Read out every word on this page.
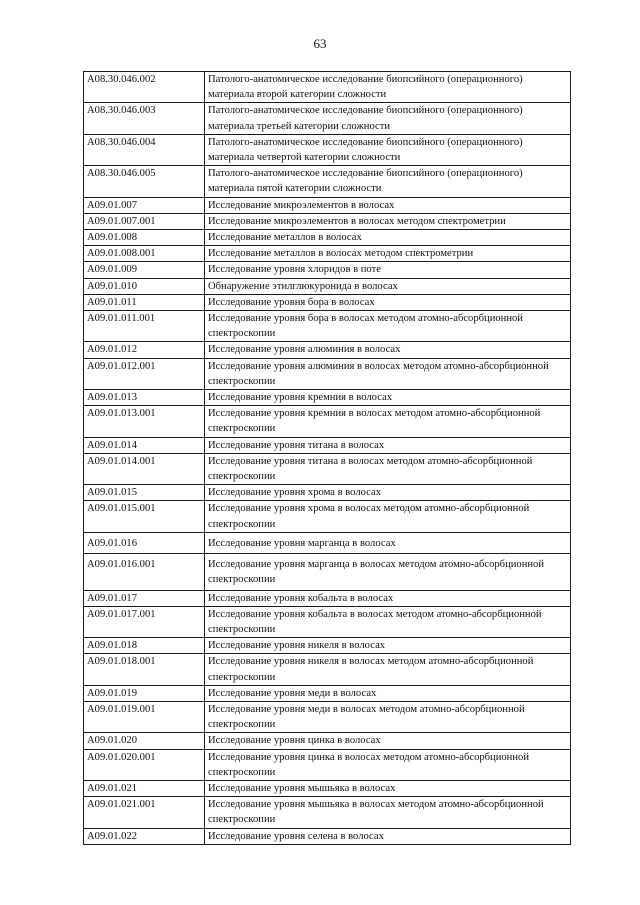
63
A08.30.046.002	Патолого-анатомическое исследование биопсийного (операционного) материала второй категории сложности
A08.30.046.003	Патолого-анатомическое исследование биопсийного (операционного) материала третьей категории сложности
A08.30.046.004	Патолого-анатомическое исследование биопсийного (операционного) материала четвертой категории сложности
A08.30.046.005	Патолого-анатомическое исследование биопсийного (операционного) материала пятой категории сложности
A09.01.007	Исследование микроэлементов в волосах
A09.01.007.001	Исследование микроэлементов в волосах методом спектрометрии
A09.01.008	Исследование металлов в волосах
A09.01.008.001	Исследование металлов в волосах методом спектрометрии
A09.01.009	Исследование уровня хлоридов в поте
A09.01.010	Обнаружение этилглюкуронида в волосах
A09.01.011	Исследование уровня бора в волосах
A09.01.011.001	Исследование уровня бора в волосах методом атомно-абсорбционной спектроскопии
A09.01.012	Исследование уровня алюминия в волосах
A09.01.012.001	Исследование уровня алюминия в волосах методом атомно-абсорбционной спектроскопии
A09.01.013	Исследование уровня кремния в волосах
A09.01.013.001	Исследование уровня кремния в волосах методом атомно-абсорбционной спектроскопии
A09.01.014	Исследование уровня титана в волосах
A09.01.014.001	Исследование уровня титана в волосах методом атомно-абсорбционной спектроскопии
A09.01.015	Исследование уровня хрома в волосах
A09.01.015.001	Исследование уровня хрома в волосах методом атомно-абсорбционной спектроскопии
A09.01.016	Исследование уровня марганца в волосах
A09.01.016.001	Исследование уровня марганца в волосах методом атомно-абсорбционной спектроскопии
A09.01.017	Исследование уровня кобальта в волосах
A09.01.017.001	Исследование уровня кобальта в волосах методом атомно-абсорбционной спектроскопии
A09.01.018	Исследование уровня никеля в волосах
A09.01.018.001	Исследование уровня никеля в волосах методом атомно-абсорбционной спектроскопии
A09.01.019	Исследование уровня меди в волосах
A09.01.019.001	Исследование уровня меди в волосах методом атомно-абсорбционной спектроскопии
A09.01.020	Исследование уровня цинка в волосах
A09.01.020.001	Исследование уровня цинка в волосах методом атомно-абсорбционной спектроскопии
A09.01.021	Исследование уровня мышьяка в волосах
A09.01.021.001	Исследование уровня мышьяка в волосах методом атомно-абсорбционной спектроскопии
A09.01.022	Исследование уровня селена в волосах
